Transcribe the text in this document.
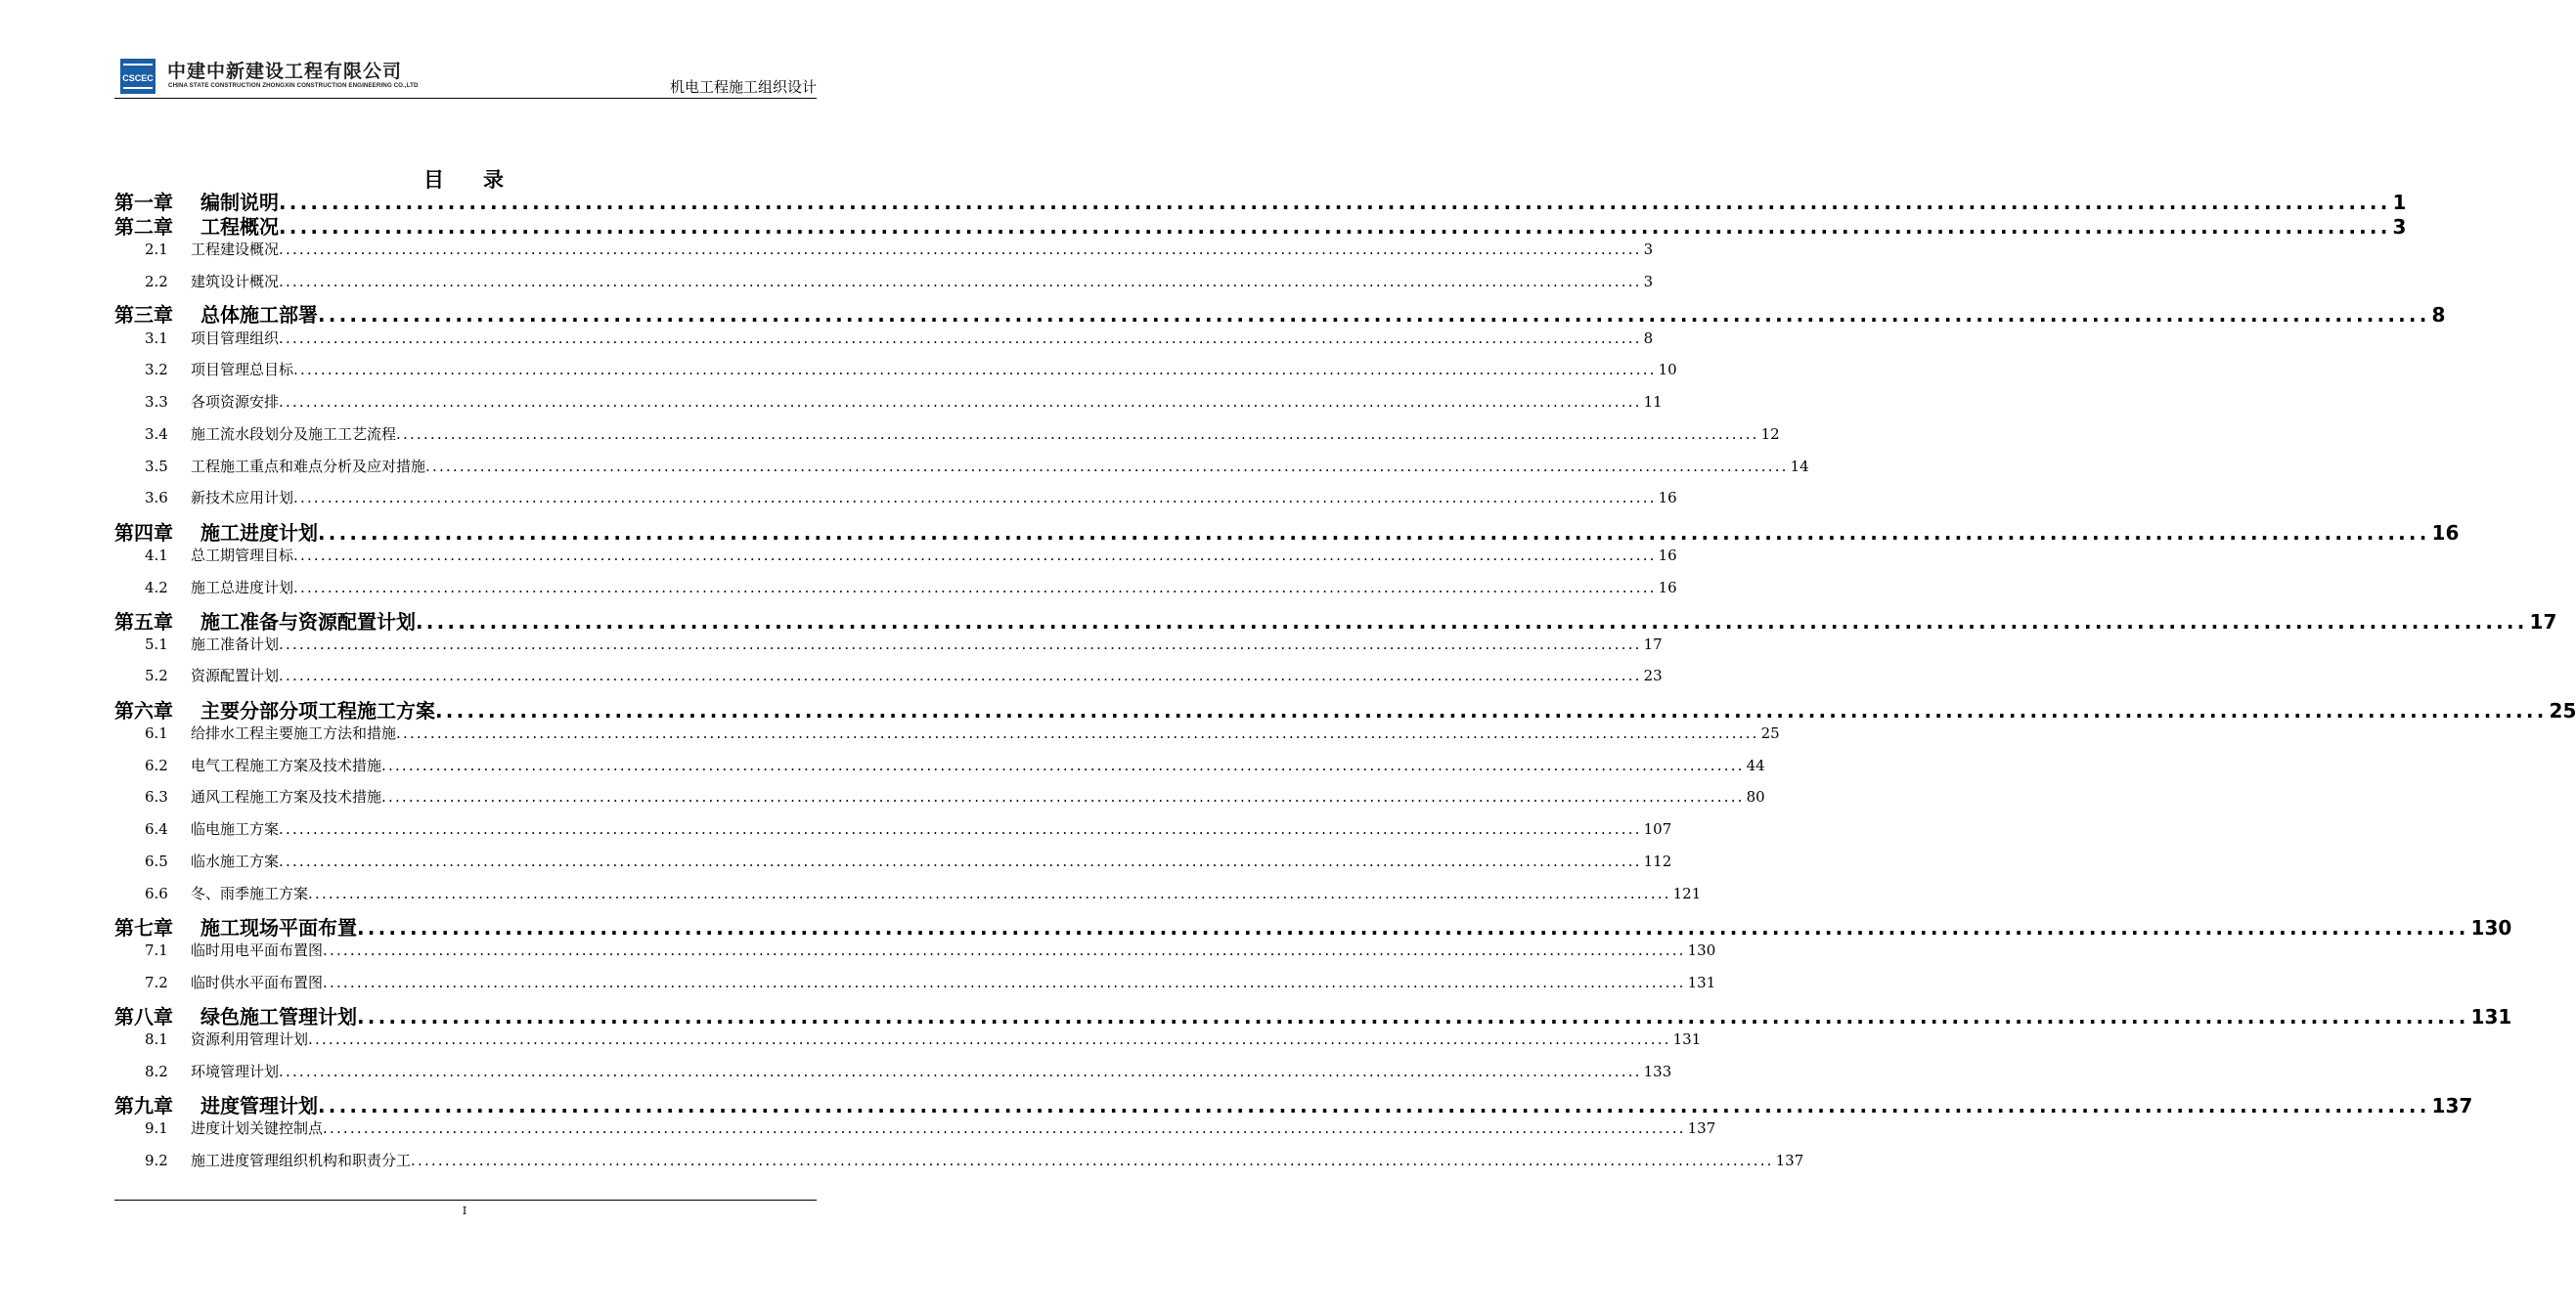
CSCEC 中建中新建设工程有限公司
CHINA STATE CONSTRUCTION ZHONGXIN CONSTRUCTION ENGINEERING CO.,LTD	机电工程施工组织设计
目 录
第一章	编制说明 ........................................................................................................................................................................................................ 1
第二章	工程概况 ........................................................................................................................................................................................................ 3
2.1	工程建设概况 ........................................................................................................................................................................................................ 3
2.2	建筑设计概况 ........................................................................................................................................................................................................ 3
第三章	总体施工部署 ........................................................................................................................................................................................................ 8
3.1	项目管理组织 ........................................................................................................................................................................................................ 8
3.2	项目管理总目标 ........................................................................................................................................................................................................ 10
3.3	各项资源安排 ........................................................................................................................................................................................................ 11
3.4	施工流水段划分及施工工艺流程 ........................................................................................................................................................................................................ 12
3.5	工程施工重点和难点分析及应对措施 ........................................................................................................................................................................................................ 14
3.6	新技术应用计划 ........................................................................................................................................................................................................ 16
第四章	施工进度计划 ........................................................................................................................................................................................................ 16
4.1	总工期管理目标 ........................................................................................................................................................................................................ 16
4.2	施工总进度计划 ........................................................................................................................................................................................................ 16
第五章	施工准备与资源配置计划 ........................................................................................................................................................................................................ 17
5.1	施工准备计划 ........................................................................................................................................................................................................ 17
5.2	资源配置计划 ........................................................................................................................................................................................................ 23
第六章	主要分部分项工程施工方案 ........................................................................................................................................................................................................ 25
6.1	给排水工程主要施工方法和措施 ........................................................................................................................................................................................................ 25
6.2	电气工程施工方案及技术措施 ........................................................................................................................................................................................................ 44
6.3	通风工程施工方案及技术措施 ........................................................................................................................................................................................................ 80
6.4	临电施工方案 ........................................................................................................................................................................................................ 107
6.5	临水施工方案 ........................................................................................................................................................................................................ 112
6.6	冬、雨季施工方案 ........................................................................................................................................................................................................ 121
第七章	施工现场平面布置 ........................................................................................................................................................................................................ 130
7.1	临时用电平面布置图 ........................................................................................................................................................................................................ 130
7.2	临时供水平面布置图 ........................................................................................................................................................................................................ 131
第八章	绿色施工管理计划 ........................................................................................................................................................................................................ 131
8.1	资源利用管理计划 ........................................................................................................................................................................................................ 131
8.2	环境管理计划 ........................................................................................................................................................................................................ 133
第九章	进度管理计划 ........................................................................................................................................................................................................ 137
9.1	进度计划关键控制点 ........................................................................................................................................................................................................ 137
9.2	施工进度管理组织机构和职责分工 ........................................................................................................................................................................................................ 137
I
